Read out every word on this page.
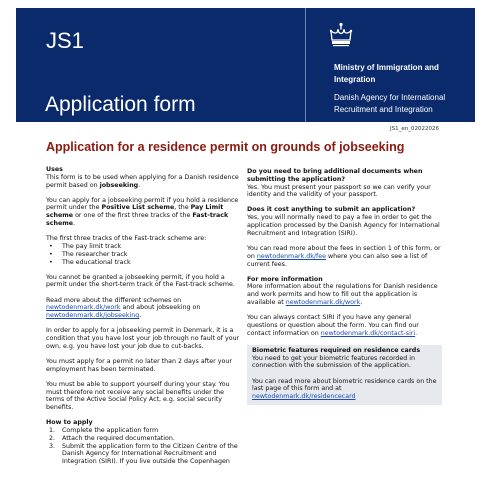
JS1
Application form
Ministry of Immigration and Integration
Danish Agency for International Recruitment and Integration
JS1_en_02022026
Application for a residence permit on grounds of jobseeking

Uses
This form is to be used when applying for a Danish residence permit based on jobseeking.

You can apply for a jobseeking permit if you hold a residence permit under the Positive List scheme, the Pay Limit scheme or one of the first three tracks of the Fast-track scheme.

The first three tracks of the Fast-track scheme are:
• The pay limit track
• The researcher track
• The educational track

You cannot be granted a jobseeking permit, if you hold a permit under the short-term track of the Fast-track scheme.

Read more about the different schemes on newtodenmark.dk/work and about jobseeking on newtodenmark.dk/jobseeking.

In order to apply for a jobseeking permit in Denmark, it is a condition that you have lost your job through no fault of your own, e.g. you have lost your job due to cut-backs.

You must apply for a permit no later than 2 days after your employment has been terminated.

You must be able to support yourself during your stay. You must therefore not receive any social benefits under the terms of the Active Social Policy Act, e.g. social security benefits.

How to apply
1. Complete the application form
2. Attach the required documentation.
3. Submit the application form to the Citizen Centre of the Danish Agency for International Recruitment and Integration (SIRI). If you live outside the Copenhagen

Do you need to bring additional documents when submitting the application?
Yes. You must present your passport so we can verify your identity and the validity of your passport.

Does it cost anything to submit an application?
Yes, you will normally need to pay a fee in order to get the application processed by the Danish Agency for International Recruitment and Integration (SIRI).

You can read more about the fees in section 1 of this form, or on newtodenmark.dk/fee where you can also see a list of current fees.

For more information
More information about the regulations for Danish residence and work permits and how to fill out the application is available at newtodenmark.dk/work.

You can always contact SIRI if you have any general questions or question about the form. You can find our contact information on newtodenmark.dk/contact-siri.

Biometric features required on residence cards

You need to get your biometric features recorded in connection with the submission of the application.

You can read more about biometric residence cards on the last page of this form and at newtodenmark.dk/residencecard
